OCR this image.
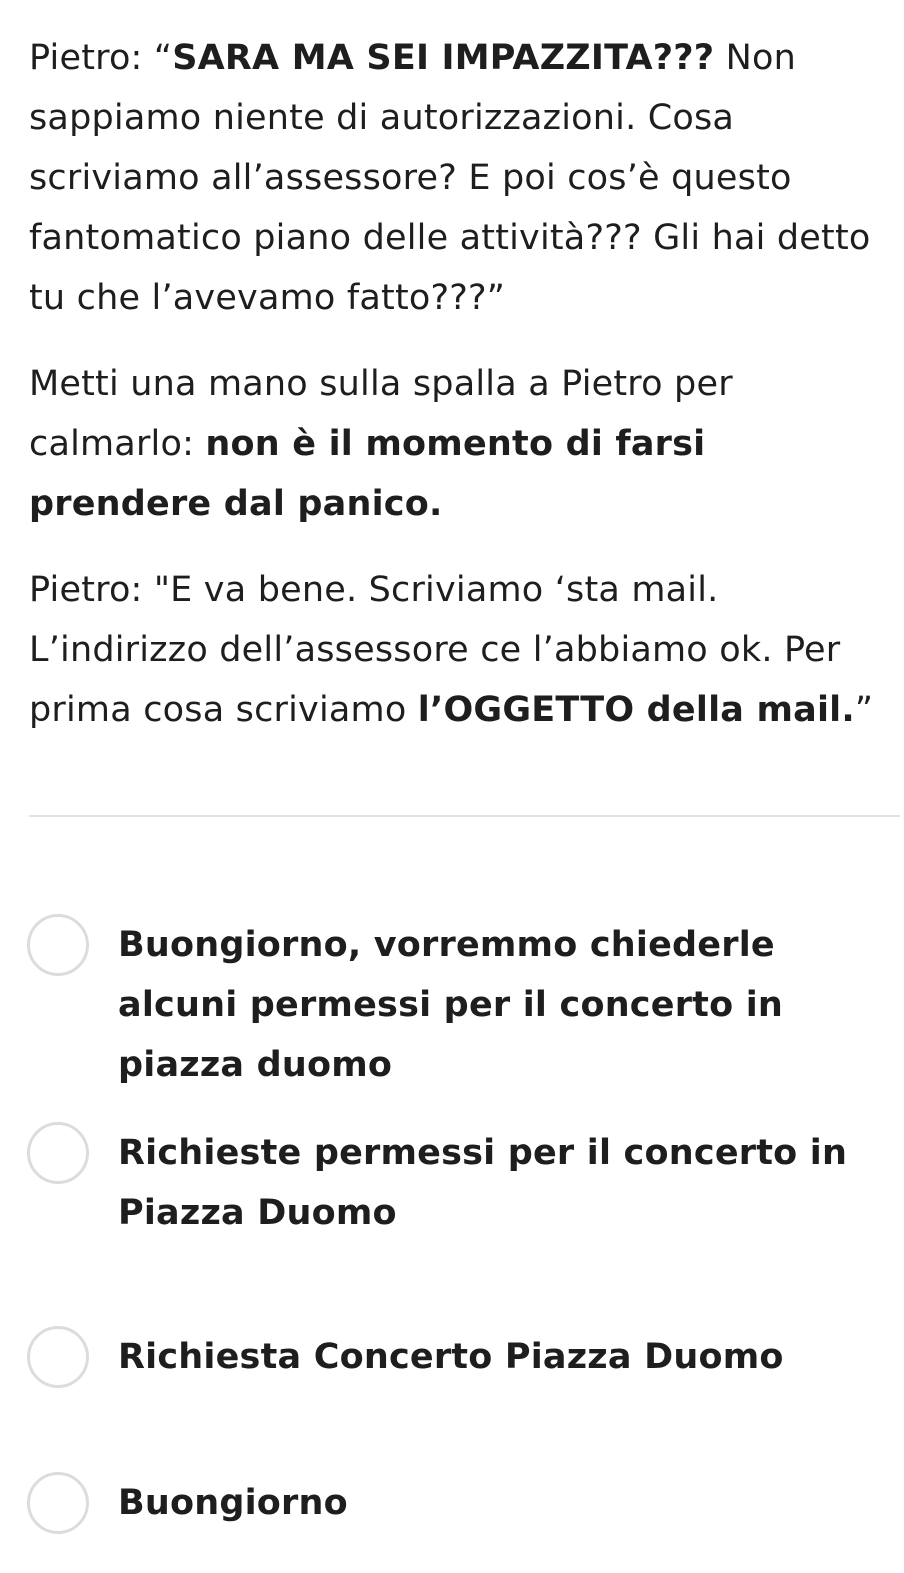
Pietro: “SARA MA SEI IMPAZZITA??? Non sappiamo niente di autorizzazioni. Cosa scriviamo all’assessore? E poi cos’è questo fantomatico piano delle attività??? Gli hai detto tu che l’avevamo fatto???”

Metti una mano sulla spalla a Pietro per calmarlo: non è il momento di farsi prendere dal panico.

Pietro: "E va bene. Scriviamo ‘sta mail. L’indirizzo dell’assessore ce l’abbiamo ok. Per prima cosa scriviamo l’OGGETTO della mail.”

Buongiorno, vorremmo chiederle alcuni permessi per il concerto in piazza duomo
Richieste permessi per il concerto in Piazza Duomo
Richiesta Concerto Piazza Duomo
Buongiorno
